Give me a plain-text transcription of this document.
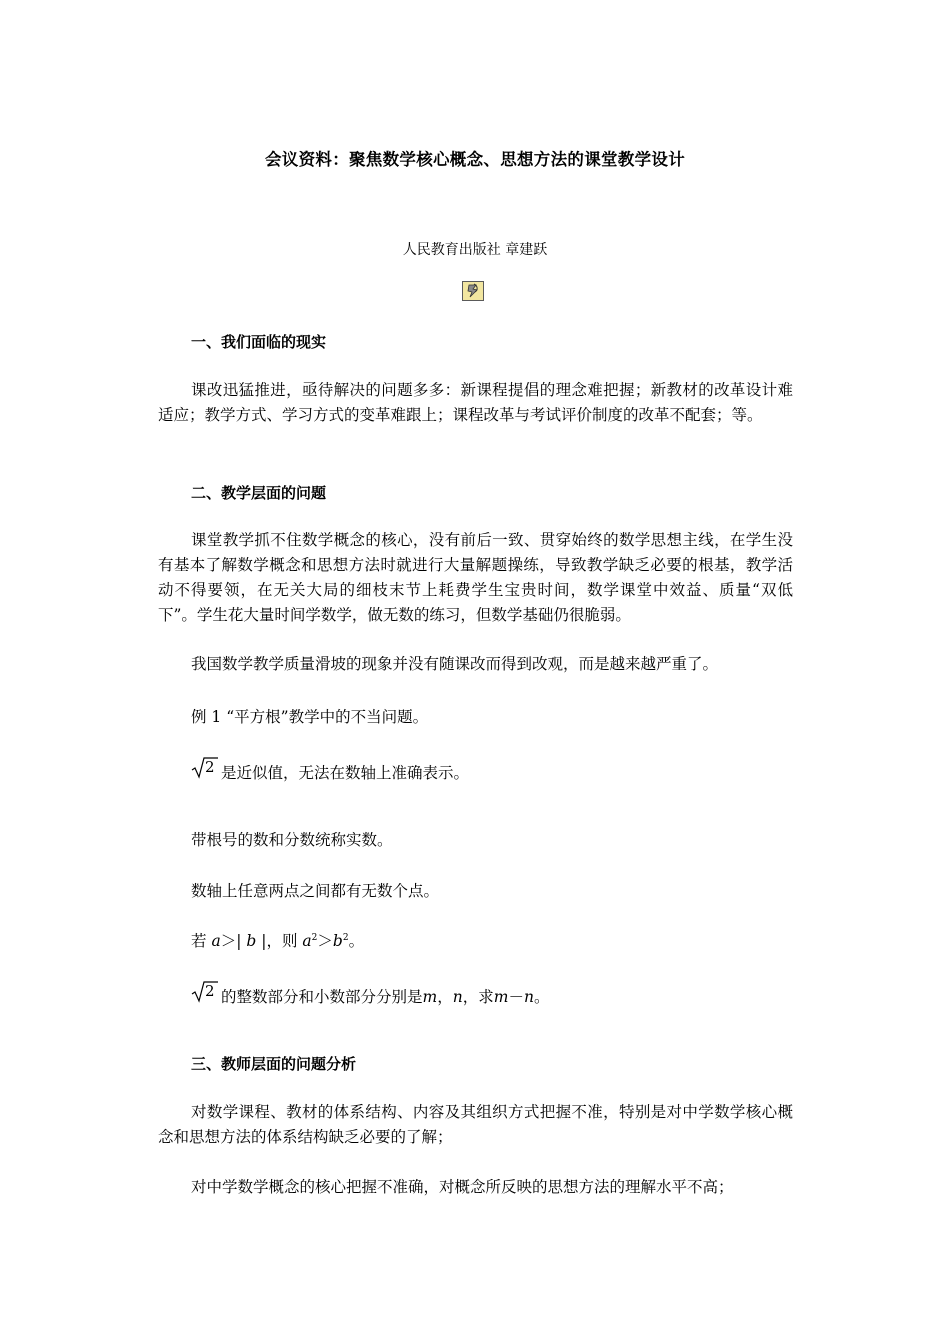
会议资料：聚焦数学核心概念、思想方法的课堂教学设计
人民教育出版社 章建跃
一、我们面临的现实
课改迅猛推进，亟待解决的问题多多：新课程提倡的理念难把握；新教材的改革设计难适应；教学方式、学习方式的变革难跟上；课程改革与考试评价制度的改革不配套；等。
二、教学层面的问题
课堂教学抓不住数学概念的核心，没有前后一致、贯穿始终的数学思想主线，在学生没有基本了解数学概念和思想方法时就进行大量解题操练，导致教学缺乏必要的根基，教学活动不得要领，在无关大局的细枝末节上耗费学生宝贵时间，数学课堂中效益、质量“双低下”。学生花大量时间学数学，做无数的练习，但数学基础仍很脆弱。
我国数学教学质量滑坡的现象并没有随课改而得到改观，而是越来越严重了。
例 1 “平方根”教学中的不当问题。
2 是近似值，无法在数轴上准确表示。
带根号的数和分数统称实数。
数轴上任意两点之间都有无数个点。
若 a＞| b |，则 $a^2>b^2$。
2 的整数部分和小数部分分别是m，n，求m－n。
三、教师层面的问题分析
对数学课程、教材的体系结构、内容及其组织方式把握不准，特别是对中学数学核心概念和思想方法的体系结构缺乏必要的了解；
对中学数学概念的核心把握不准确，对概念所反映的思想方法的理解水平不高；
